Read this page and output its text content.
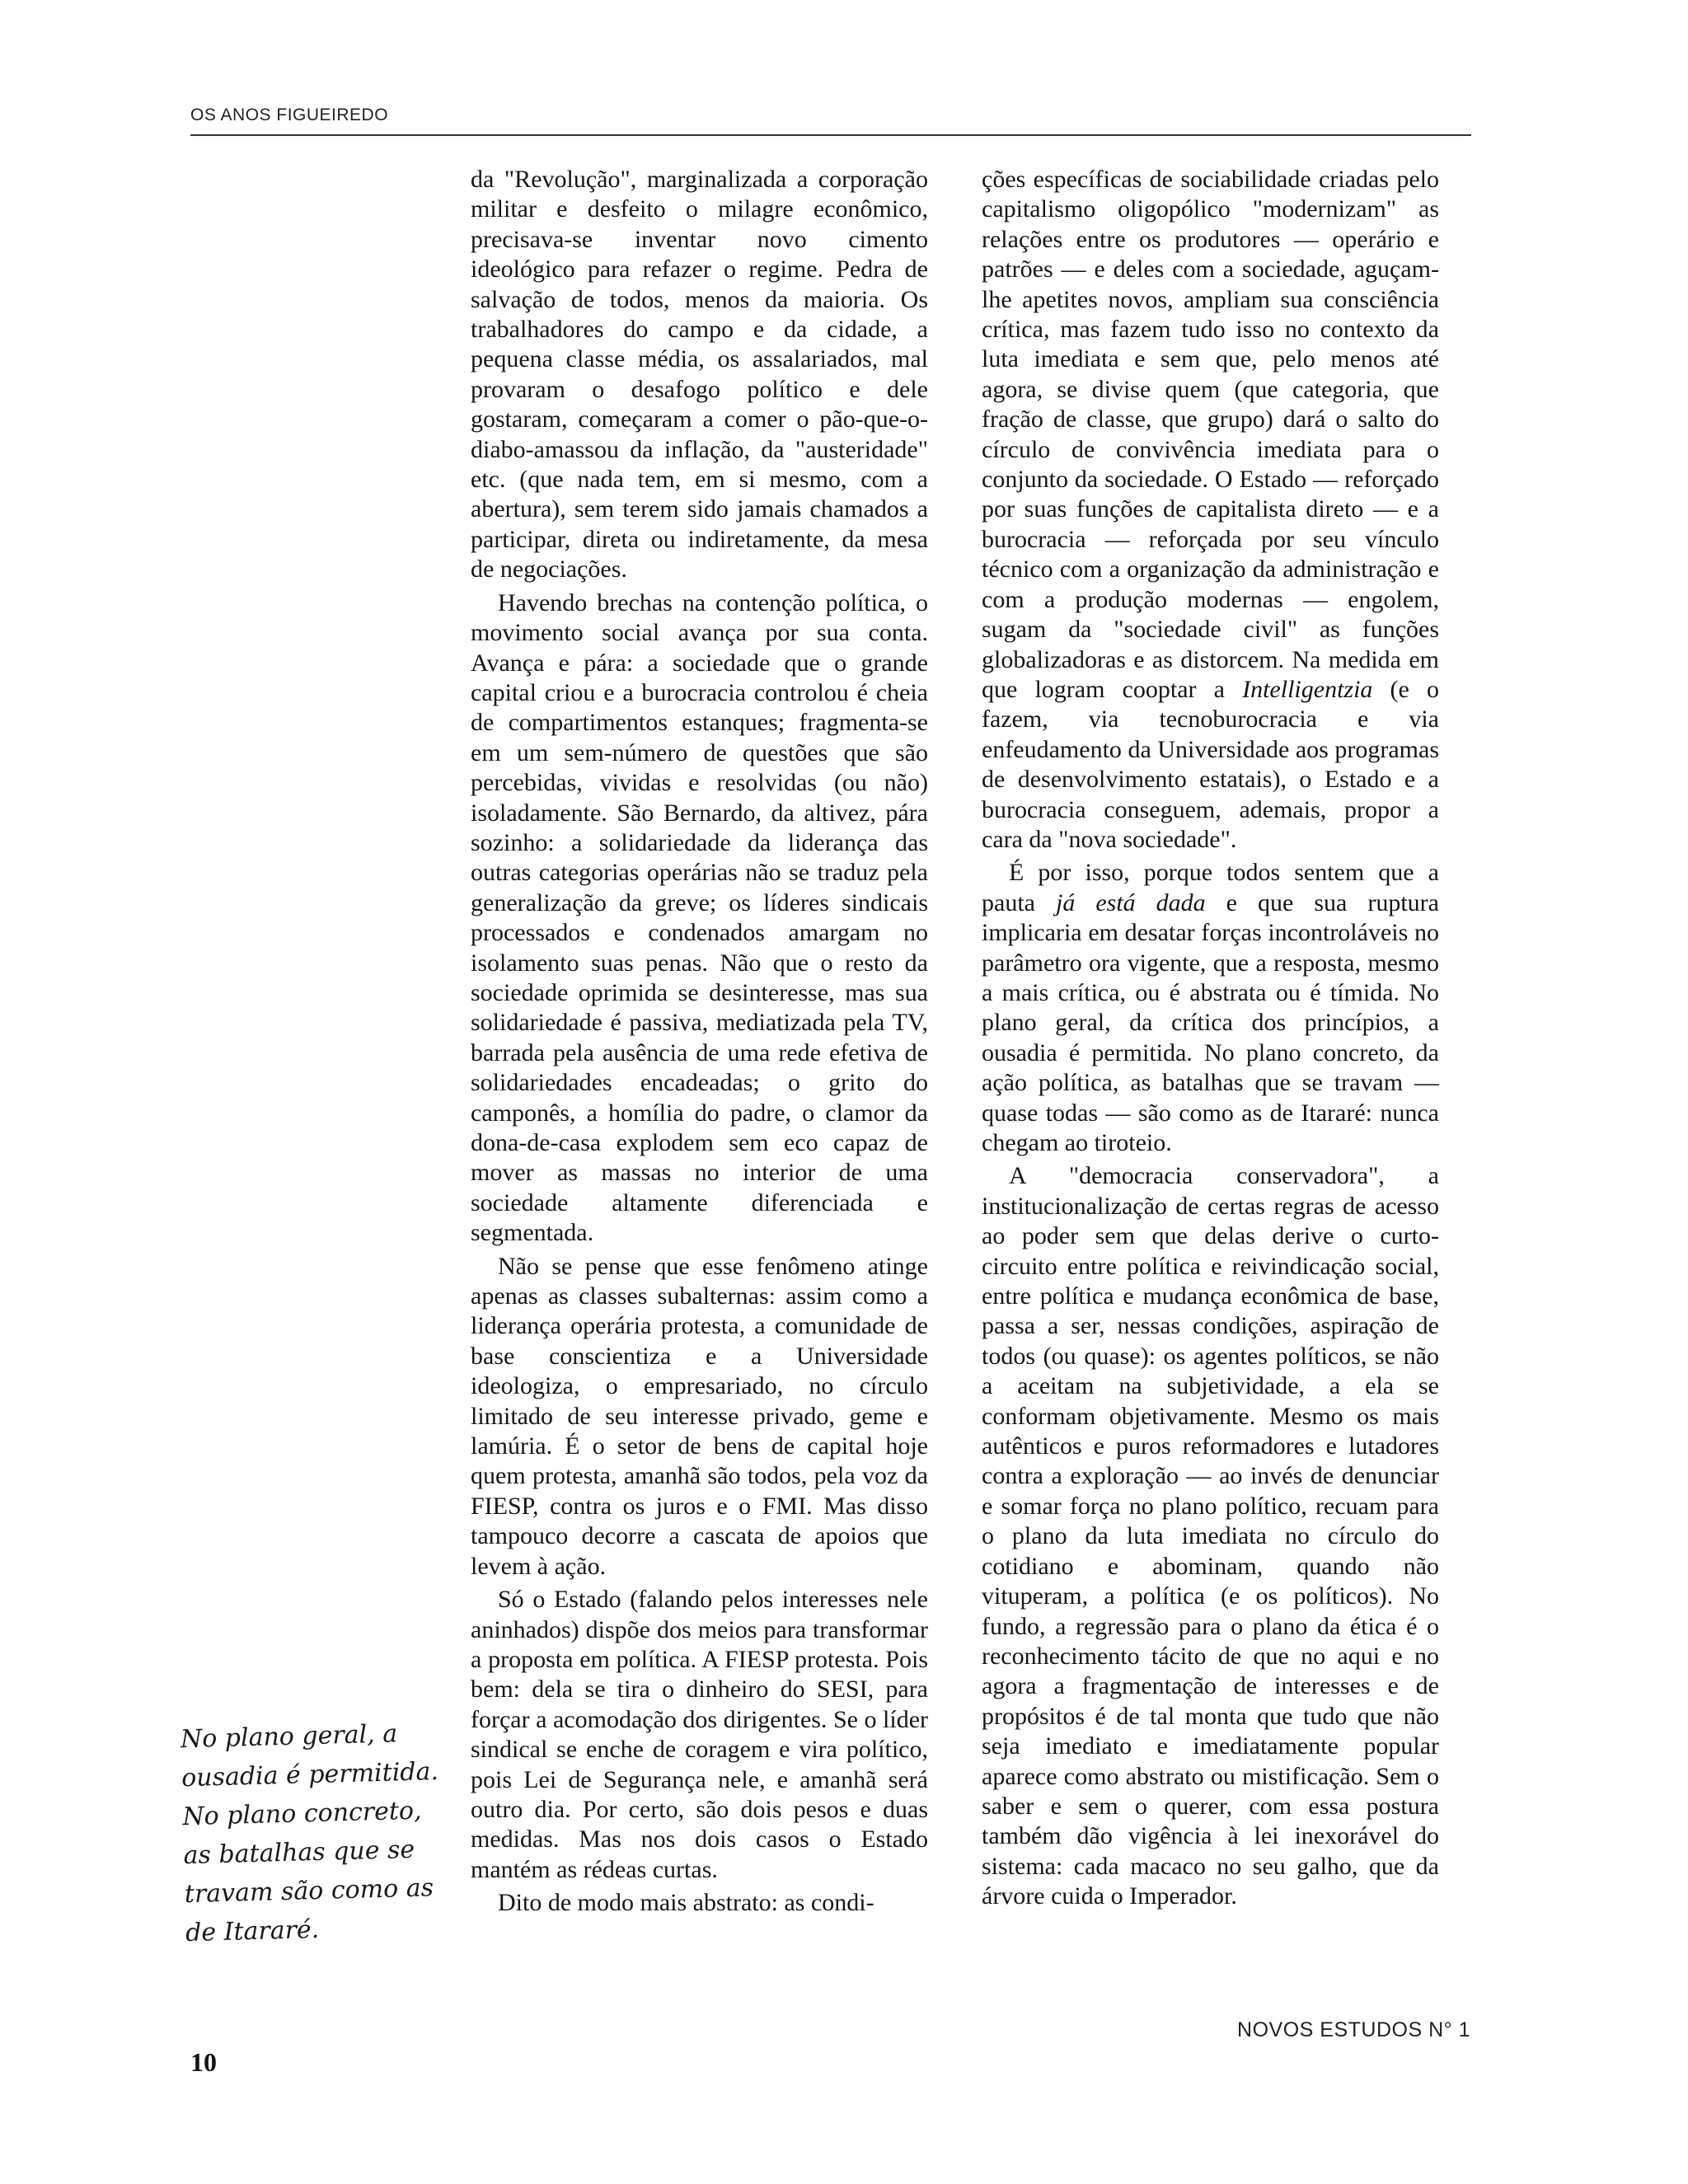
OS ANOS FIGUEIREDO

da "Revolução", marginalizada a corporação militar e desfeito o milagre econômico, precisava-se inventar novo cimento ideológico para refazer o regime. Pedra de salvação de todos, menos da maioria. Os trabalhadores do campo e da cidade, a pequena classe média, os assalariados, mal provaram o desafogo político e dele gostaram, começaram a comer o pão-que-o-diabo-amassou da inflação, da "austeridade" etc. (que nada tem, em si mesmo, com a abertura), sem terem sido jamais chamados a participar, direta ou indiretamente, da mesa de negociações.

Havendo brechas na contenção política, o movimento social avança por sua conta. Avança e pára: a sociedade que o grande capital criou e a burocracia controlou é cheia de compartimentos estanques; fragmenta-se em um sem-número de questões que são percebidas, vividas e resolvidas (ou não) isoladamente. São Bernardo, da altivez, pára sozinho: a solidariedade da liderança das outras categorias operárias não se traduz pela generalização da greve; os líderes sindicais processados e condenados amargam no isolamento suas penas. Não que o resto da sociedade oprimida se desinteresse, mas sua solidariedade é passiva, mediatizada pela TV, barrada pela ausência de uma rede efetiva de solidariedades encadeadas; o grito do camponês, a homília do padre, o clamor da dona-de-casa explodem sem eco capaz de mover as massas no interior de uma sociedade altamente diferenciada e segmentada.

Não se pense que esse fenômeno atinge apenas as classes subalternas: assim como a liderança operária protesta, a comunidade de base conscientiza e a Universidade ideologiza, o empresariado, no círculo limitado de seu interesse privado, geme e lamúria. É o setor de bens de capital hoje quem protesta, amanhã são todos, pela voz da FIESP, contra os juros e o FMI. Mas disso tampouco decorre a cascata de apoios que levem à ação.

Só o Estado (falando pelos interesses nele aninhados) dispõe dos meios para transformar a proposta em política. A FIESP protesta. Pois bem: dela se tira o dinheiro do SESI, para forçar a acomodação dos dirigentes. Se o líder sindical se enche de coragem e vira político, pois Lei de Segurança nele, e amanhã será outro dia. Por certo, são dois pesos e duas medidas. Mas nos dois casos o Estado mantém as rédeas curtas.

Dito de modo mais abstrato: as condi-

ções específicas de sociabilidade criadas pelo capitalismo oligopólico "modernizam" as relações entre os produtores — operário e patrões — e deles com a sociedade, aguçam-lhe apetites novos, ampliam sua consciência crítica, mas fazem tudo isso no contexto da luta imediata e sem que, pelo menos até agora, se divise quem (que categoria, que fração de classe, que grupo) dará o salto do círculo de convivência imediata para o conjunto da sociedade. O Estado — reforçado por suas funções de capitalista direto — e a burocracia — reforçada por seu vínculo técnico com a organização da administração e com a produção modernas — engolem, sugam da "sociedade civil" as funções globalizadoras e as distorcem. Na medida em que logram cooptar a Intelligentzia (e o fazem, via tecnoburocracia e via enfeudamento da Universidade aos programas de desenvolvimento estatais), o Estado e a burocracia conseguem, ademais, propor a cara da "nova sociedade".

É por isso, porque todos sentem que a pauta já está dada e que sua ruptura implicaria em desatar forças incontroláveis no parâmetro ora vigente, que a resposta, mesmo a mais crítica, ou é abstrata ou é tímida. No plano geral, da crítica dos princípios, a ousadia é permitida. No plano concreto, da ação política, as batalhas que se travam — quase todas — são como as de Itararé: nunca chegam ao tiroteio.

A "democracia conservadora", a institucionalização de certas regras de acesso ao poder sem que delas derive o curto-circuito entre política e reivindicação social, entre política e mudança econômica de base, passa a ser, nessas condições, aspiração de todos (ou quase): os agentes políticos, se não a aceitam na subjetividade, a ela se conformam objetivamente. Mesmo os mais autênticos e puros reformadores e lutadores contra a exploração — ao invés de denunciar e somar força no plano político, recuam para o plano da luta imediata no círculo do cotidiano e abominam, quando não vituperam, a política (e os políticos). No fundo, a regressão para o plano da ética é o reconhecimento tácito de que no aqui e no agora a fragmentação de interesses e de propósitos é de tal monta que tudo que não seja imediato e imediatamente popular aparece como abstrato ou mistificação. Sem o saber e sem o querer, com essa postura também dão vigência à lei inexorável do sistema: cada macaco no seu galho, que da árvore cuida o Imperador.

No plano geral, a ousadia é permitida. No plano concreto, as batalhas que se travam são como as de Itararé.
NOVOS ESTUDOS N° 1
10
